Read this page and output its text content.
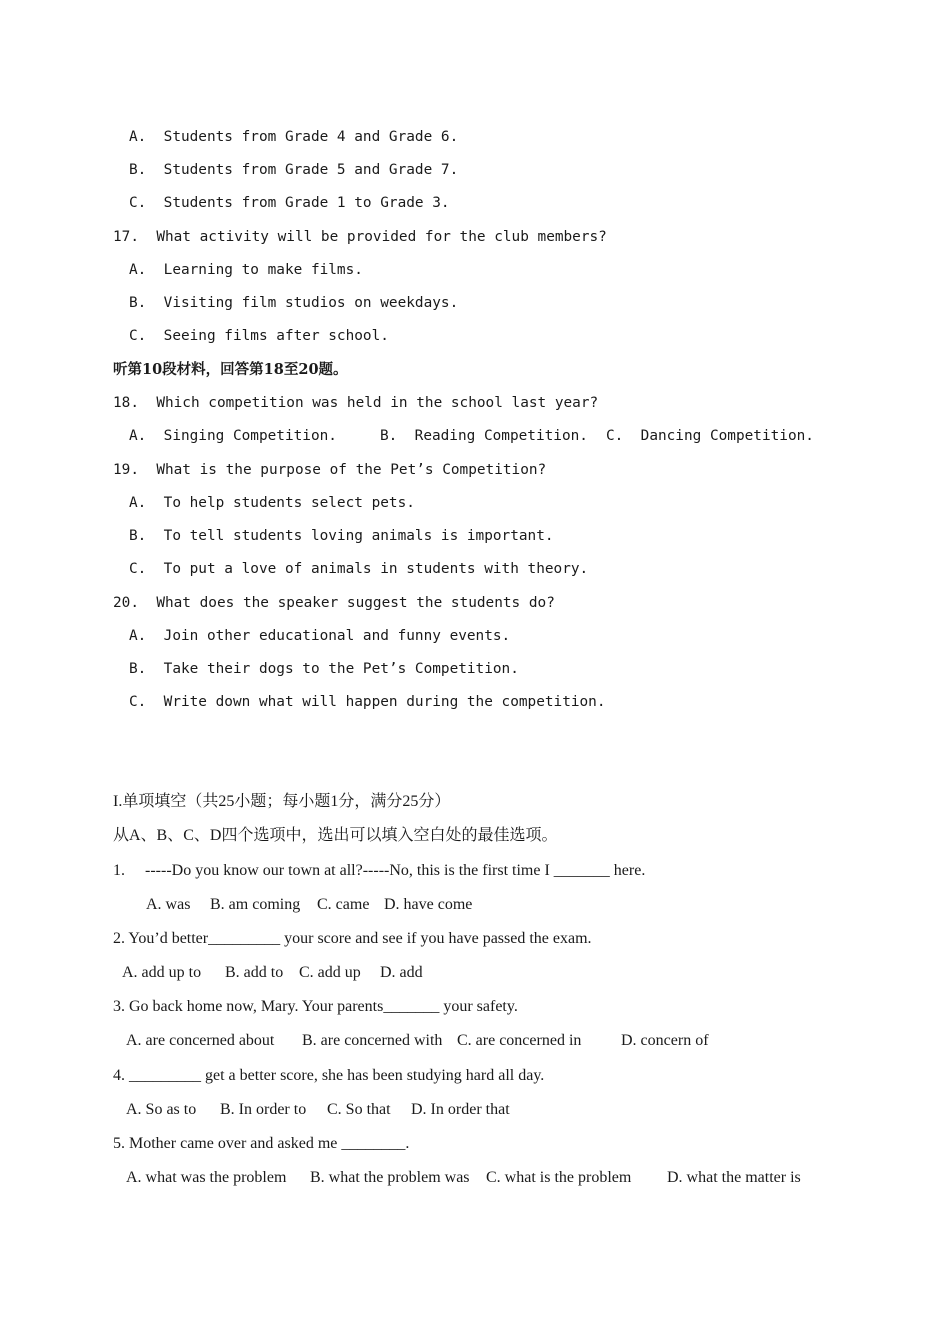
A.  Students from Grade 4 and Grade 6.
B.  Students from Grade 5 and Grade 7.
C.  Students from Grade 1 to Grade 3.
17.  What activity will be provided for the club members?
A.  Learning to make films.
B.  Visiting film studios on weekdays.
C.  Seeing films after school.
听第10段材料，回答第18至20题。
18.  Which competition was held in the school last year?

A.  Singing Competition.

	B.  Reading Competition.

C.  Dancing Competition.

19.  What is the purpose of the Pet’s Competition?
A.  To help students select pets.
B.  To tell students loving animals is important.
C.  To put a love of animals in students with theory.
20.  What does the speaker suggest the students do?
A.  Join other educational and funny events.
B.  Take their dogs to the Pet’s Competition.
C.  Write down what will happen during the competition.
I.单项填空（共25小题；每小题1分，满分25分）
从A、B、C、D四个选项中，选出可以填入空白处的最佳选项。
1.     -----Do you know our town at all?-----No, this is the first time I _______ here.

A. was

B. am coming

C. came

D. have come

2. You’d better_________ your score and see if you have passed the exam.

A. add up to

B. add to

C. add up

D. add

3. Go back home now, Mary. Your parents_______ your safety.

A. are concerned about

B. are concerned with

C. are concerned in

D. concern of

4. _________ get a better score, she has been studying hard all day.

A. So as to

B. In order to

C. So that

D. In order that

5. Mother came over and asked me ________.

A. what was the problem

B. what the problem was

C. what is the problem

D. what the matter is
